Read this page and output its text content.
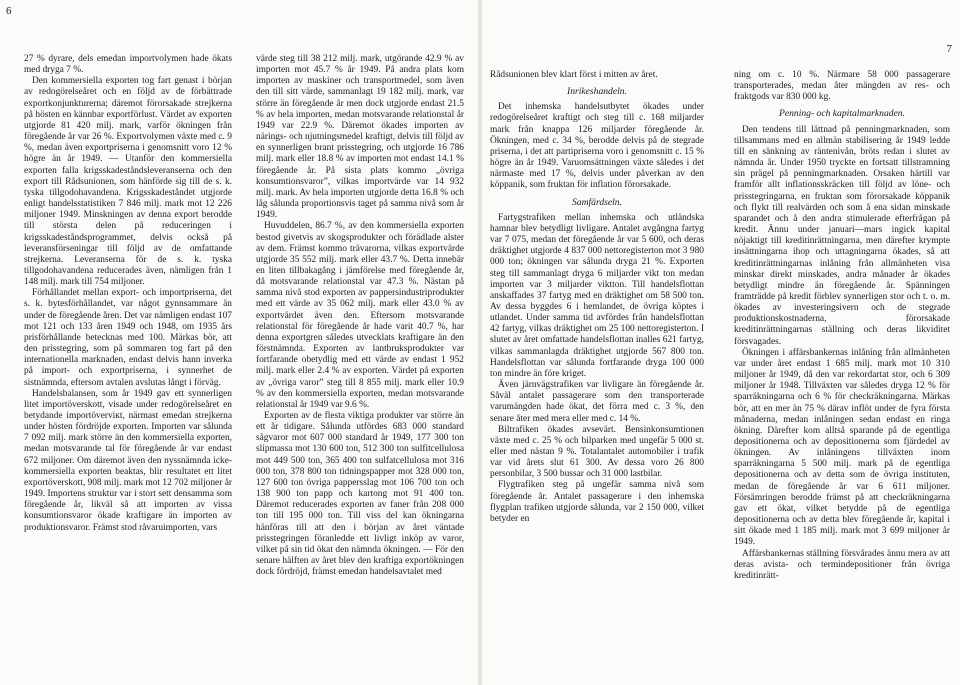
6

27 % dyrare, dels emedan importvolymen hade ökats med drygа 7 %.

Den kommersiella exporten tog fart genast i början av redogörelseåret och en följd av de förbättrade exportkonjunkturerna; däremot förorsakade strejkerna på hösten en kännbar exportförlust. Värdet av exporten utgjorde 81 420 milj. mark, varför ökningen från föregående år var 26 %. Exportvolymen växte med c. 9 %, medan även exportpriserna i genomsnitt voro 12 % högre än år 1949. — Utanför den kommersiella exporten falla krigsskadeståndsleveranserna och den export till Rådsunionen, som hänförde sig till de s. k. tyska tillgodohavandena. Krigsskadeståndet utgjorde enligt handelsstatistiken 7 846 milj. mark mot 12 226 miljoner 1949. Minskningen av denna export berodde till största delen på reduceringen i krigsskadeståndsprogrammet, delvis också på leveransförseningar till följd av de omfattande strejkerna. Leveranserna för de s. k. tyska tillgodohavandena reducerades även, nämligen från 1 148 milj. mark till 754 miljoner.

Förhållandet mellan export- och importpriserna, det s. k. bytesförhållandet, var något gynnsammare än under de föregående åren. Det var nämligen endast 107 mot 121 och 133 åren 1949 och 1948, om 1935 års prisförhållande betecknas med 100. Märkas bör, att den prisstegring, som på sommaren tog fart på den internationella marknaden, endast delvis hann inverka på import- och exportpriserna, i synnerhet de sistnämnda, eftersom avtalen avslutas långt i förväg.

Handelsbalansen, som år 1949 gav ett synnerligen litet importöverskott, visade under redogörelseåret en betydande importöverviкt, närmast emedan strejkerna under hösten fördröjde exporten. Importen var sålunda 7 092 milj. mark större än den kommersiella exporten, medan motsvarande tal för föregående år var endast 672 miljoner. Om däremot även den nyssnämnda icke-kommersiella exporten beaktas, blir resultatet ett litet exportöverskott, 908 milj. mark mot 12 702 miljoner år 1949. Importens struktur var i stort sett densamma som föregående år, likväl så att importen av vissa konsumtionsvaror ökade kraftigare än importen av produktionsvaror. Främst stod råvaruimporten, vars

värde steg till 38 212 milj. mark, utgörande 42.9 % av importen mot 45.7 % år 1949. På andra plats kom importen av maskiner och transportmedel, som även den till sitt värde, sammanlagt 19 182 milj. mark, var större än föregående år men dock utgjorde endast 21.5 % av hela importen, medan motsvarande relationstal år 1949 var 22.9 %. Däremot ökades importen av närings- och njutningsmedel kraftigt, delvis till följd av en synnerligen brant prisstegring, och utgjorde 16 786 milj. mark eller 18.8 % av importen mot endast 14.1 % föregående år. På sista plats kommo „övriga konsumtionsvaror”, vilkas importvärde var 14 932 milj. mark. Av hela importen utgjorde detta 16.8 % och låg sålunda proportionsvis taget på samma nivå som år 1949.

Huvuddelen, 86.7 %, av den kommersiella exporten bestod givetvis av skogsprodukter och förädlade alster av dem. Främst kommo trävarorna, vilkas exportvärde utgjorde 35 552 milj. mark eller 43.7 %. Detta innebär en liten tillbakagång i jämförelse med föregående år, då motsvarande relationstal var 47.3 %. Nästan på samma nivå stod exporten av pappersindustriprodukter med ett värde av 35 062 milj. mark eller 43.0 % av exportvärdet även den. Eftersom motsvarande relationstal för föregående år hade varit 40.7 %, har denna exportgren således utvecklats kraftigare än den förstnämnda. Exporten av lantbruksprodukter var fortfarande obetydlig med ett värde av endast 1 952 milj. mark eller 2.4 % av exporten. Värdet på exporten av „övriga varor” steg till 8 855 milj. mark eller 10.9 % av den kommersiella exporten, medan motsvarande relationstal år 1949 var 9.6 %.

Exporten av de flesta viktiga produkter var större än ett år tidigare. Sålunda utfördes 683 000 standard sågvaror mot 607 000 standard år 1949, 177 300 ton slipmassa mot 130 600 ton, 512 300 ton sulfitcellulosa mot 449 500 ton, 365 400 ton sulfatcellulosa mot 316 000 ton, 378 800 ton tidningspapper mot 328 000 ton, 127 600 ton övriga pappersslag mot 106 700 ton och 138 900 ton papp och kartong mot 91 400 ton. Däremot reducerades exporten av faner från 208 000 ton till 195 000 ton. Till viss del kan ökningarna hänföras till att den i början av året väntade prisstegringen föranledde ett livligt inköp av varor, vilket på sin tid ökat den nämnda ökningen. — För den senare hälften av året blev den kraftiga exportökningen dock fördröjd, främst emedan handelsavtalet med

7

Rådsunionen blev klart först i mitten av året.

Inrikeshandeln.

Det inhemska handelsutbytet ökades under redogörelseåret kraftigt och steg till c. 168 miljarder mark från knappa 126 miljarder föregående år. Ökningen, med c. 34 %, berodde delvis på de stegrade priserna, i det att partipriserna voro i genomsnitt c. 15 % högre än år 1949. Varuomsättningen växte således i det närmaste med 17 %, delvis under påverkan av den köppanik, som fruktan för inflation förorsakade.

Samfärdseln.

Fartygstrafiken mellan inhemska och utländska hamnar blev betydligt livligare. Antalet avgångna fartyg var 7 075, medan det föregående år var 5 600, och deras dräktighet utgjorde 4 837 000 nettoregisterton mot 3 980 000 ton; ökningen var sålunda drygа 21 %. Exporten steg till sammanlagt drygа 6 miljarder vikt ton medan importen var 3 miljarder viktton. Till handelsflottan anskaffades 37 fartyg med en dräktighet om 58 500 ton. Av dessa byggdes 6 i hemlandet, de övriga köptes i utlandet. Under samma tid avfördes från handelsflottan 42 fartyg, vilkas dräktighet om 25 100 nettoregisterton. I slutet av året omfattade handelsflottan inalles 621 fartyg, vilkas sammanlagda dräktighet utgjorde 567 800 ton. Handelsflottan var sålunda fortfarande drygа 100 000 ton mindre än före kriget.

Även järnvägstrafiken var livligare än föregående år. Såväl antalet passagerare som den transporterade varumängden hade ökat, det förra med c. 3 %, den senare åter med mera eller med c. 14 %.

Biltrafiken ökades avsevärt. Bensinkonsumtionen växte med c. 25 % och bilparken med ungefär 5 000 st. eller med nästan 9 %. Totalantalet automobiler i trafik var vid årets slut 61 300. Av dessa voro 26 800 personbilar, 3 500 bussar och 31 000 lastbilar.

Flygtrafiken steg på ungefär samma nivå som föregående år. Antalet passagerare i den inhemska flygplan trafiken utgjorde sålunda, var 2 150 000, vilket betyder en

ning om c. 10 %. Närmare 58 000 passagerare transporterades, medan åter mängden av res- och fraktgods var 830 000 kg.

Penning- och kapitalmarknaden.

Den tendens till lättnad på penningmarknaden, som tillsammans med en allmän stabilisering år 1949 ledde till en sänkning av räntenivån, bröts redan i slutet av nämnda år. Under 1950 tryckte en fortsatt tillstramning sin prägel på penningmarknaden. Orsaken härtill var framför allt inflationsskräcken till följd av löne- och prisstegringarna, en fruktan som förorsakade köppanik och flykt till realvärden och som å ena sidan minskade sparandet och å den andra stimulerade efterfrågan på kredit. Ännu under januari—mars ingick kapital nöjaktigt till kreditinrättningarna, men därefter krympte insättningarna ihop och uttagningarna ökades, så att kreditinrättningarnas inlåning från allmänheten visa minskar direkt minskades, andra månader år ökades betydligt mindre än föregående år. Spänningen framträdde på kredit förblev synnerligen stor och t. o. m. ökades av investeringsivern och de stegrade produktionskostnaderna, förorsakade kreditinrättningarnas ställning och deras likviditet försvagades.

Ökningen i affärsbankernas inlåning från allmänheten var under året endast 1 685 milj. mark mot 10 310 miljoner år 1949, då den var rekordartat stor, och 6 309 miljoner år 1948. Tillväxten var således drygа 12 % för sparräkningarna och 6 % för checkräkningarna. Märkas bör, att en mer än 75 % därav inflöt under de fyra första månaderna, medan inlåningen sedan endast en ringa ökning. Därefter kom alltså sparande på de egentliga depositionerna och av depositionerna som fjärdedel av ökningen. Av inlåningens tillväxten inom sparräkningarna 5 500 milj. mark på de egentliga depositionerna och av detta som de övriga instituten, medan de föregående år var 6 611 miljoner. Försämringen berodde främst på att checkräkningarna gav ett ökat, vilket betydde på de egentliga depositionerna och av detta blev föregående år, kapital i sitt ökade med 1 185 milj. mark mot 3 699 miljoner år 1949.

Affärsbankernas ställning försvårades ännu mera av att deras avista- och termindepositioner från övriga kreditinrätt-
